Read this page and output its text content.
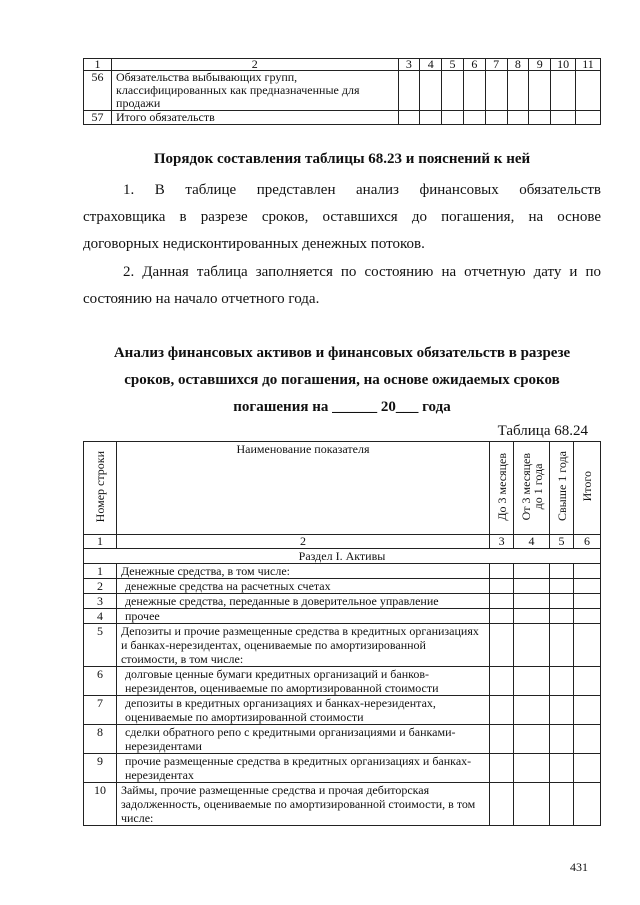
1	2	3	4	5	6	7	8	9	10	11
56	Обязательства выбывающих групп, классифицированных как предназначенные для продажи									
57	Итого обязательств									
Порядок составления таблицы 68.23 и пояснений к ней

1. В таблице представлен анализ финансовых обязательств
страховщика в разрезе сроков, оставшихся до погашения, на основе
договорных недисконтированных денежных потоков.

2. Данная таблица заполняется по состоянию на отчетную дату и по
состоянию на начало отчетного года.

Анализ финансовых активов и финансовых обязательств в разрезе
сроков, оставшихся до погашения, на основе ожидаемых сроков
погашения на ______ 20___ года
Таблица 68.24
Номер строки	Наименование показателя	До 3 месяцев	От 3 месяцев
до 1 года	Свыше 1 года	Итого
1	2	3	4	5	6
Раздел I. Активы					
1	Денежные средства, в том числе:				
2	денежные средства на расчетных счетах				
3	денежные средства, переданные в доверительное управление				
4	прочее				
5	Депозиты и прочие размещенные средства в кредитных организациях и банках-нерезидентах, оцениваемые по амортизированной стоимости, в том числе:				
6	долговые ценные бумаги кредитных организаций и банков-нерезидентов, оцениваемые по амортизированной стоимости				
7	депозиты в кредитных организациях и банках-нерезидентах, оцениваемые по амортизированной стоимости				
8	сделки обратного репо с кредитными организациями и банками-нерезидентами				
9	прочие размещенные средства в кредитных организациях и банках-нерезидентах				
10	Займы, прочие размещенные средства и прочая дебиторская задолженность, оцениваемые по амортизированной стоимости, в том числе:				
431
